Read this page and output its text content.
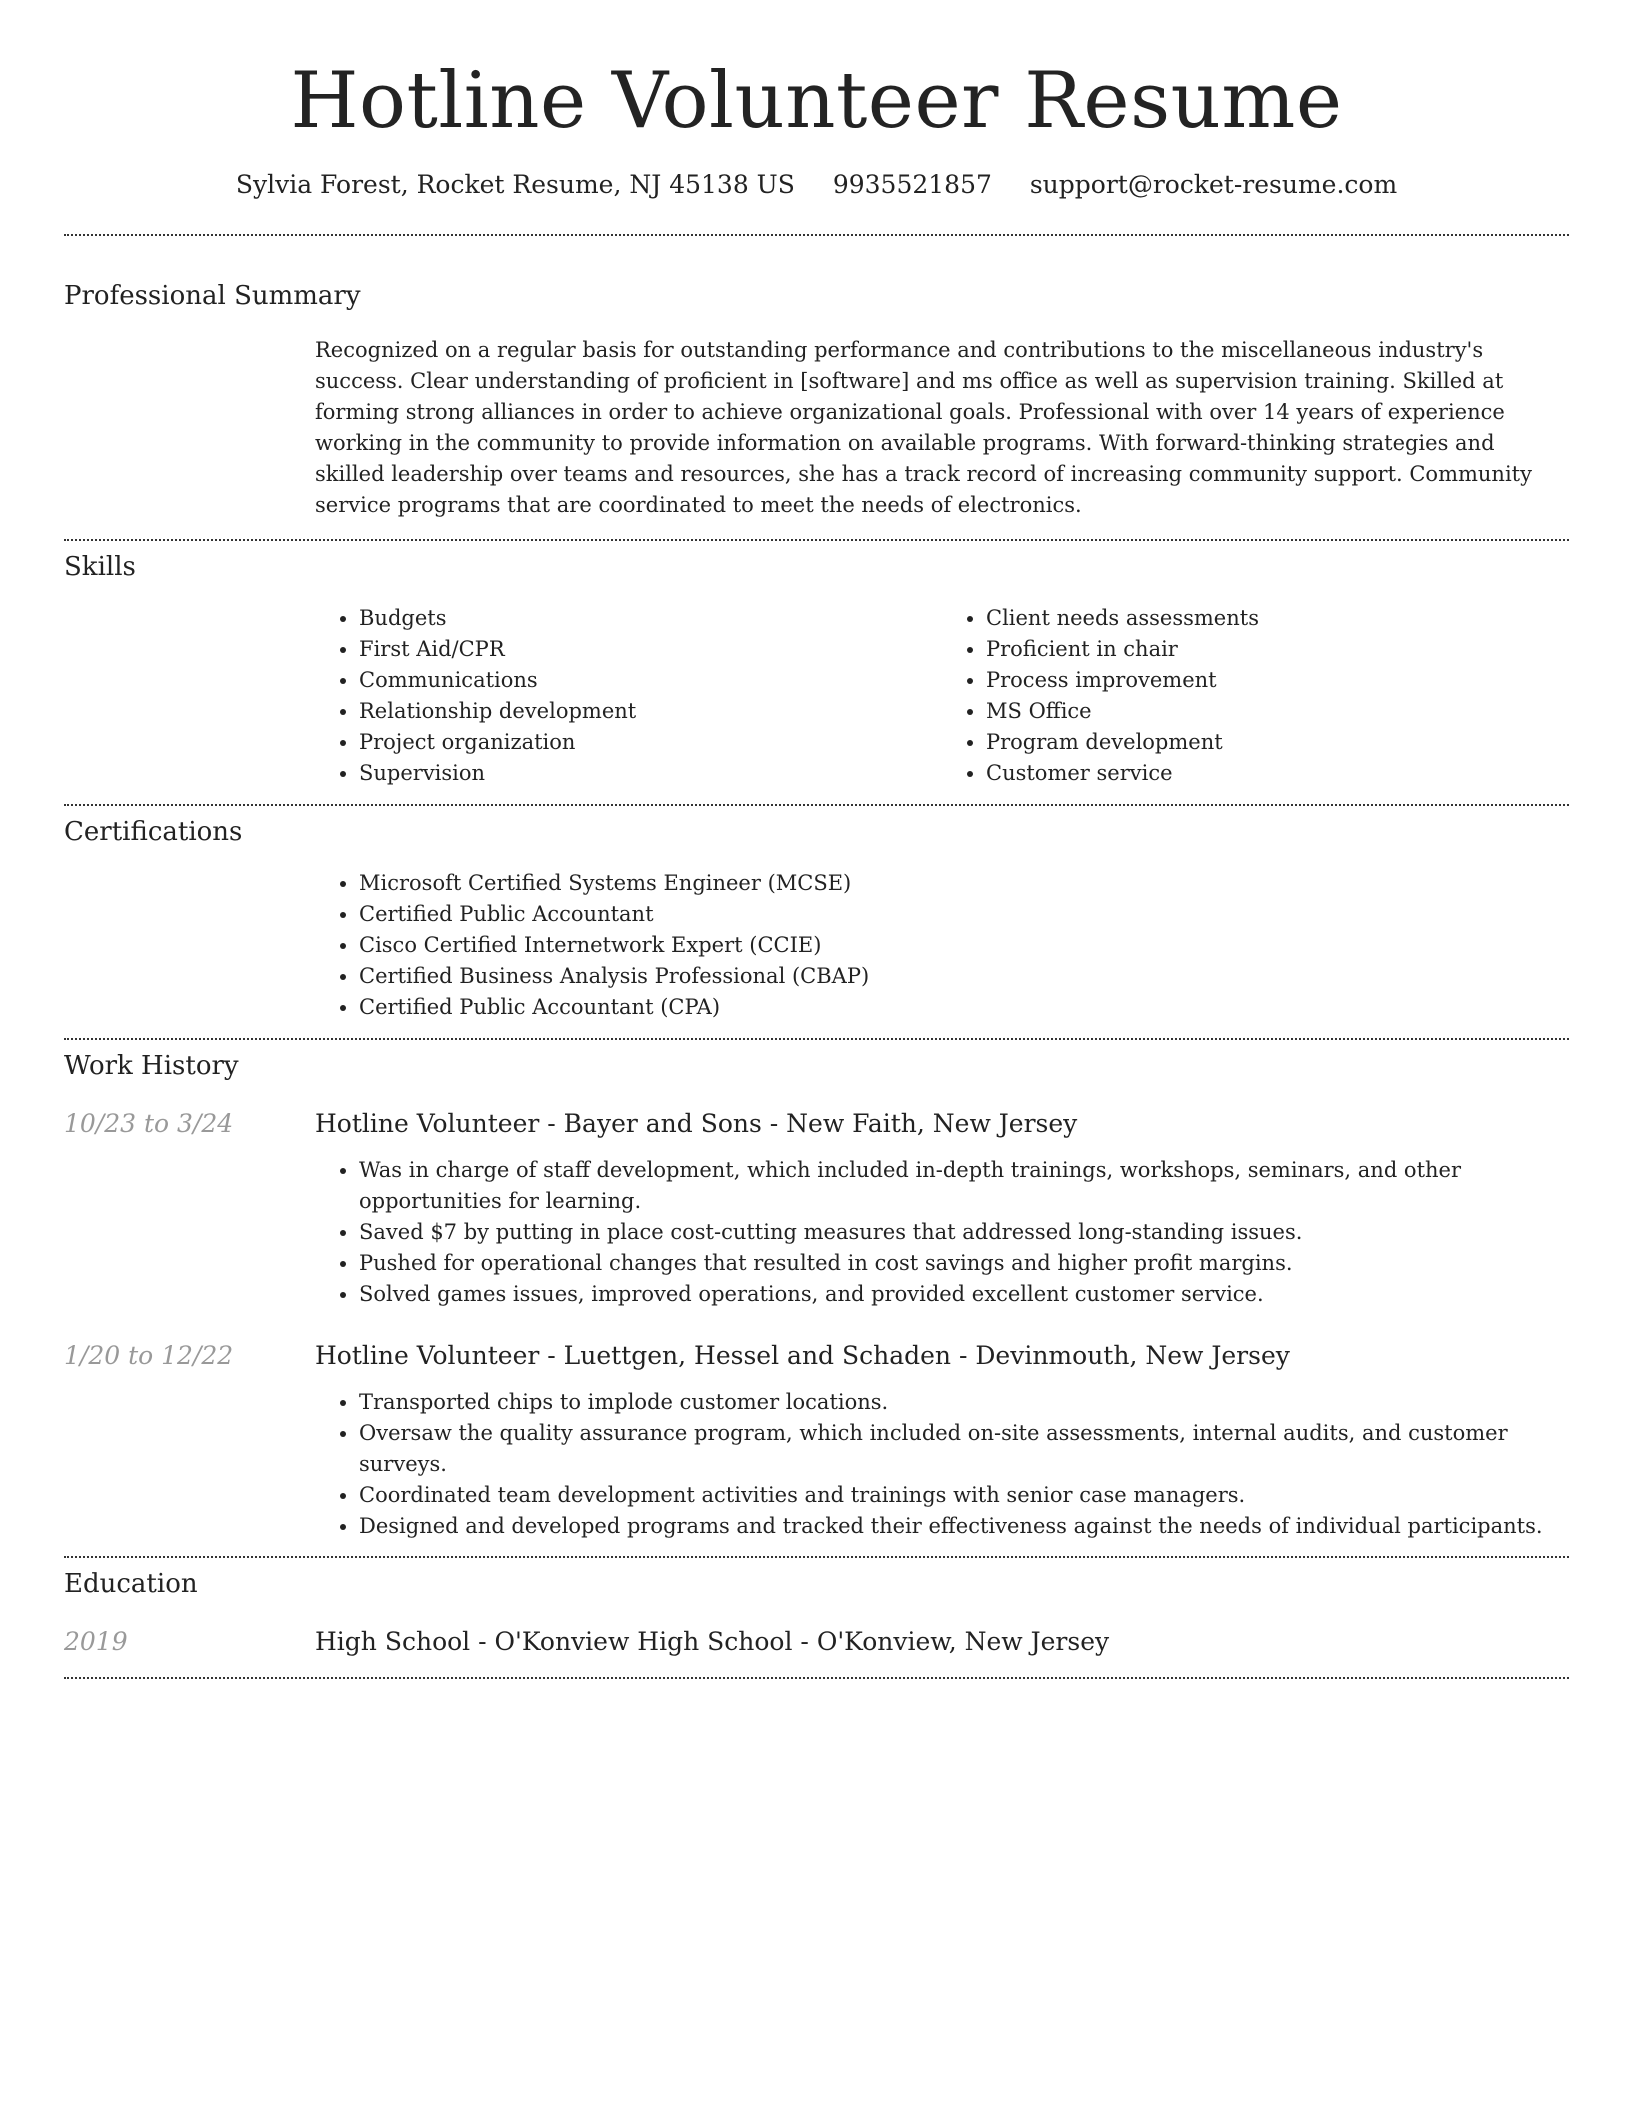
Hotline Volunteer Resume
Sylvia Forest, Rocket Resume, NJ 45138 US 9935521857 support@rocket-resume.com
Professional Summary
Recognized on a regular basis for outstanding performance and contributions to the miscellaneous industry's success. Clear understanding of proficient in [software] and ms office as well as supervision training. Skilled at forming strong alliances in order to achieve organizational goals. Professional with over 14 years of experience working in the community to provide information on available programs. With forward-thinking strategies and skilled leadership over teams and resources, she has a track record of increasing community support. Community service programs that are coordinated to meet the needs of electronics.
Skills
• Budgets
• First Aid/CPR
• Communications
• Relationship development
• Project organization
• Supervision
• Client needs assessments
• Proficient in chair
• Process improvement
• MS Office
• Program development
• Customer service
Certifications
• Microsoft Certified Systems Engineer (MCSE)
• Certified Public Accountant
• Cisco Certified Internetwork Expert (CCIE)
• Certified Business Analysis Professional (CBAP)
• Certified Public Accountant (CPA)
Work History
10/23 to 3/24	Hotline Volunteer - Bayer and Sons - New Faith, New Jersey
• Was in charge of staff development, which included in-depth trainings, workshops, seminars, and other opportunities for learning.
• Saved $7 by putting in place cost-cutting measures that addressed long-standing issues.
• Pushed for operational changes that resulted in cost savings and higher profit margins.
• Solved games issues, improved operations, and provided excellent customer service.
1/20 to 12/22	Hotline Volunteer - Luettgen, Hessel and Schaden - Devinmouth, New Jersey
• Transported chips to implode customer locations.
• Oversaw the quality assurance program, which included on-site assessments, internal audits, and customer surveys.
• Coordinated team development activities and trainings with senior case managers.
• Designed and developed programs and tracked their effectiveness against the needs of individual participants.
Education
2019	High School - O'Konview High School - O'Konview, New Jersey
